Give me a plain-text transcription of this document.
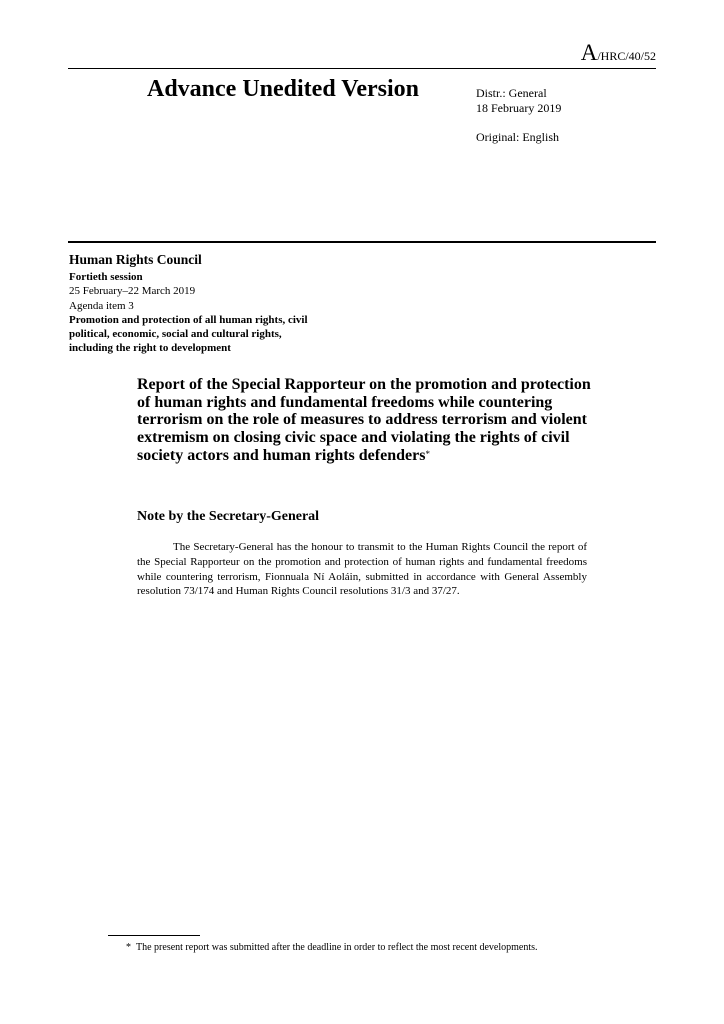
A/HRC/40/52
Advance Unedited Version	Distr.: General
18 February 2019
Original: English
Human Rights Council
Fortieth session
25 February–22 March 2019
Agenda item 3
Promotion and protection of all human rights, civil
political, economic, social and cultural rights,
including the right to development
Report of the Special Rapporteur on the promotion and protection of human rights and fundamental freedoms while countering terrorism on the role of measures to address terrorism and violent extremism on closing civic space and violating the rights of civil society actors and human rights defenders*
Note by the Secretary-General
The Secretary-General has the honour to transmit to the Human Rights Council the report of the Special Rapporteur on the promotion and protection of human rights and fundamental freedoms while countering terrorism, Fionnuala Ní Aoláin, submitted in accordance with General Assembly resolution 73/174 and Human Rights Council resolutions 31/3 and 37/27.
* The present report was submitted after the deadline in order to reflect the most recent developments.
